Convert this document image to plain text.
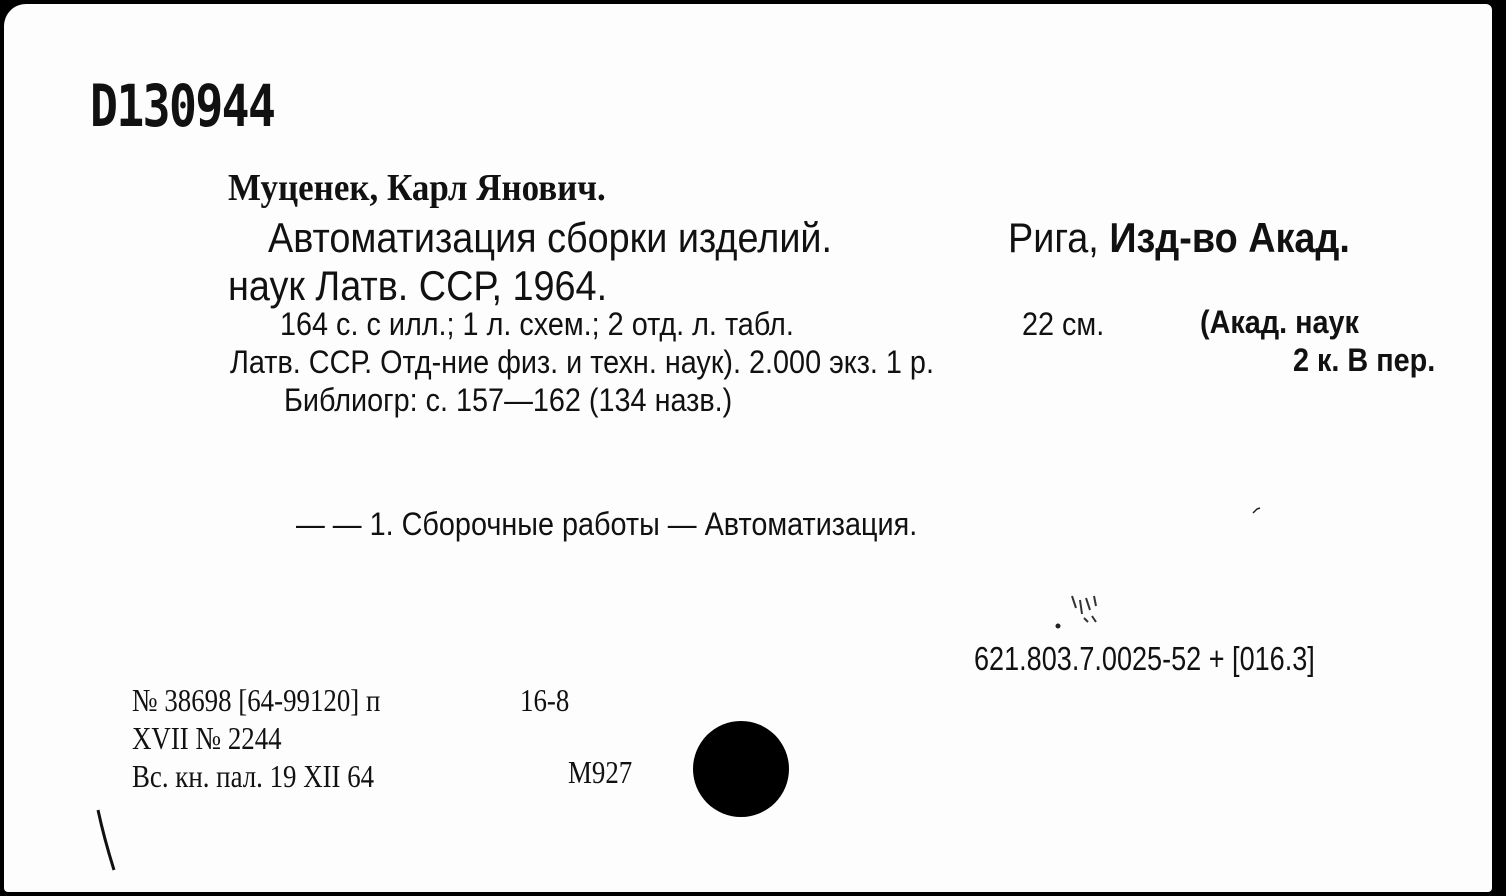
D130944
Муценек, Карл Янович.
Автоматизация сборки изделий.	Рига, Изд-во Акад.
наук Латв. ССР, 1964.
164 с. с илл.; 1 л. схем.; 2 отд. л. табл.	22 см.	(Акад. наук
Латв. ССР. Отд-ние физ. и техн. наук). 2.000 экз. 1 р.	2 к. В пер.
Библиогр: с. 157—162 (134 назв.)
— — 1. Сборочные работы — Автоматизация.
621.803.7.0025-52 + [016.3]
№ 38698 [64-99120] п	16-8
XVII № 2244
Вс. кн. пал. 19 XII 64	М927
